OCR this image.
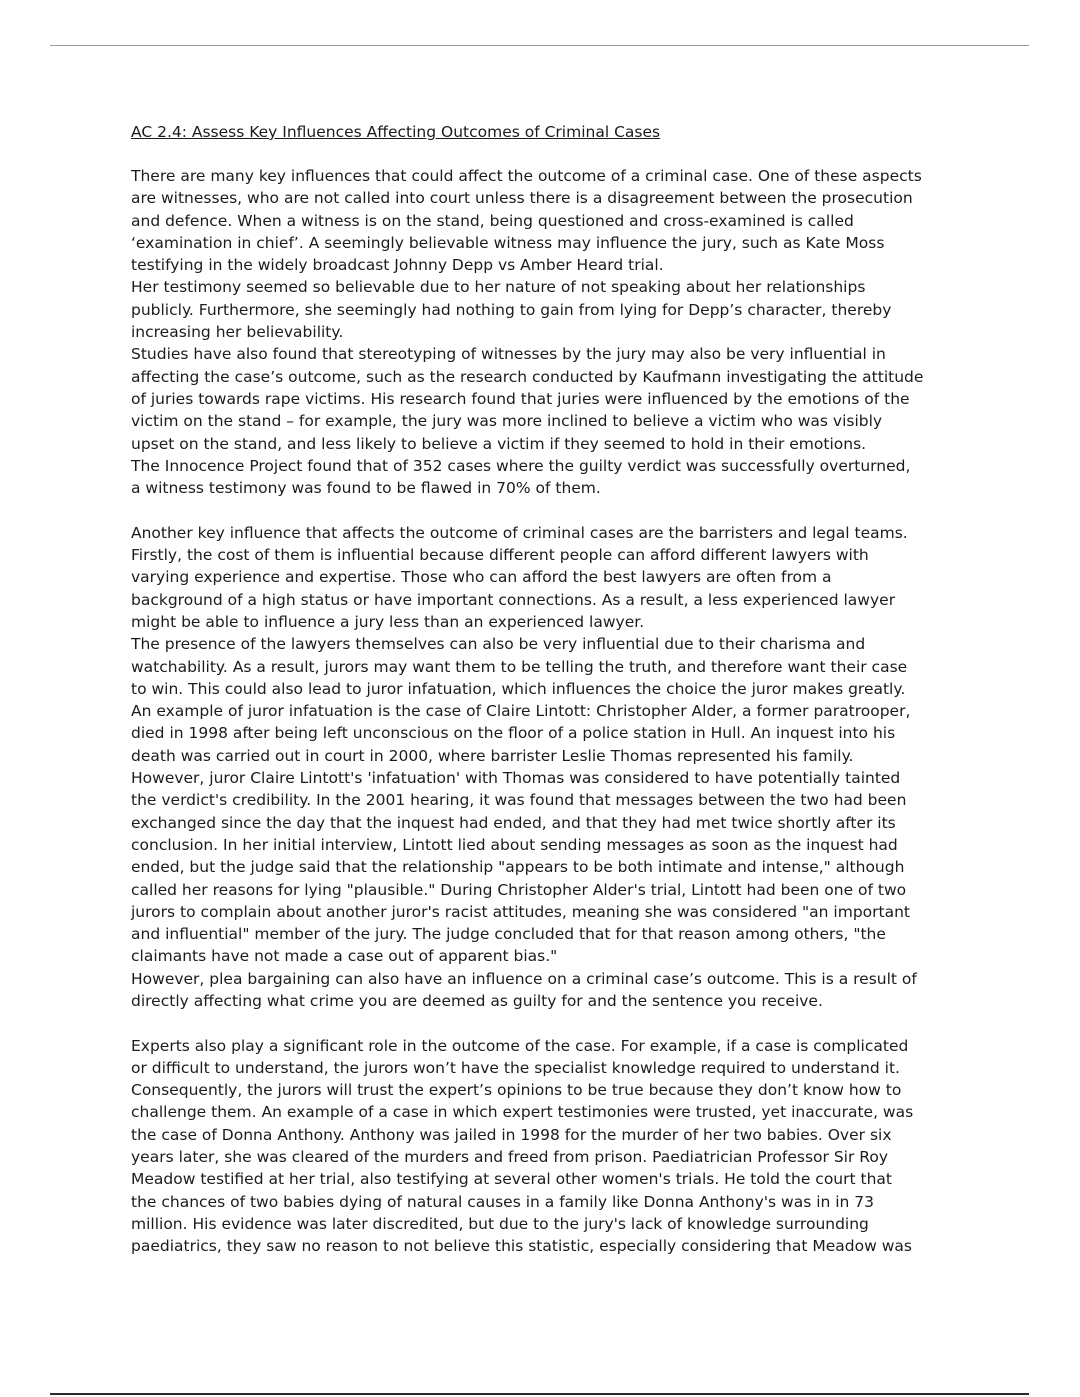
AC 2.4: Assess Key Influences Affecting Outcomes of Criminal Cases
There are many key influences that could affect the outcome of a criminal case. One of these aspects
are witnesses, who are not called into court unless there is a disagreement between the prosecution
and defence. When a witness is on the stand, being questioned and cross-examined is called
‘examination in chief’. A seemingly believable witness may influence the jury, such as Kate Moss
testifying in the widely broadcast Johnny Depp vs Amber Heard trial.
Her testimony seemed so believable due to her nature of not speaking about her relationships
publicly. Furthermore, she seemingly had nothing to gain from lying for Depp’s character, thereby
increasing her believability.
Studies have also found that stereotyping of witnesses by the jury may also be very influential in
affecting the case’s outcome, such as the research conducted by Kaufmann investigating the attitude
of juries towards rape victims. His research found that juries were influenced by the emotions of the
victim on the stand – for example, the jury was more inclined to believe a victim who was visibly
upset on the stand, and less likely to believe a victim if they seemed to hold in their emotions.
The Innocence Project found that of 352 cases where the guilty verdict was successfully overturned,
a witness testimony was found to be flawed in 70% of them.
Another key influence that affects the outcome of criminal cases are the barristers and legal teams.
Firstly, the cost of them is influential because different people can afford different lawyers with
varying experience and expertise. Those who can afford the best lawyers are often from a
background of a high status or have important connections. As a result, a less experienced lawyer
might be able to influence a jury less than an experienced lawyer.
The presence of the lawyers themselves can also be very influential due to their charisma and
watchability. As a result, jurors may want them to be telling the truth, and therefore want their case
to win. This could also lead to juror infatuation, which influences the choice the juror makes greatly.
An example of juror infatuation is the case of Claire Lintott: Christopher Alder, a former paratrooper,
died in 1998 after being left unconscious on the floor of a police station in Hull. An inquest into his
death was carried out in court in 2000, where barrister Leslie Thomas represented his family.
However, juror Claire Lintott's 'infatuation' with Thomas was considered to have potentially tainted
the verdict's credibility. In the 2001 hearing, it was found that messages between the two had been
exchanged since the day that the inquest had ended, and that they had met twice shortly after its
conclusion. In her initial interview, Lintott lied about sending messages as soon as the inquest had
ended, but the judge said that the relationship "appears to be both intimate and intense," although
called her reasons for lying "plausible." During Christopher Alder's trial, Lintott had been one of two
jurors to complain about another juror's racist attitudes, meaning she was considered "an important
and influential" member of the jury. The judge concluded that for that reason among others, "the
claimants have not made a case out of apparent bias."
However, plea bargaining can also have an influence on a criminal case’s outcome. This is a result of
directly affecting what crime you are deemed as guilty for and the sentence you receive.
Experts also play a significant role in the outcome of the case. For example, if a case is complicated
or difficult to understand, the jurors won’t have the specialist knowledge required to understand it.
Consequently, the jurors will trust the expert’s opinions to be true because they don’t know how to
challenge them. An example of a case in which expert testimonies were trusted, yet inaccurate, was
the case of Donna Anthony. Anthony was jailed in 1998 for the murder of her two babies. Over six
years later, she was cleared of the murders and freed from prison. Paediatrician Professor Sir Roy
Meadow testified at her trial, also testifying at several other women's trials. He told the court that
the chances of two babies dying of natural causes in a family like Donna Anthony's was in in 73
million. His evidence was later discredited, but due to the jury's lack of knowledge surrounding
paediatrics, they saw no reason to not believe this statistic, especially considering that Meadow was
